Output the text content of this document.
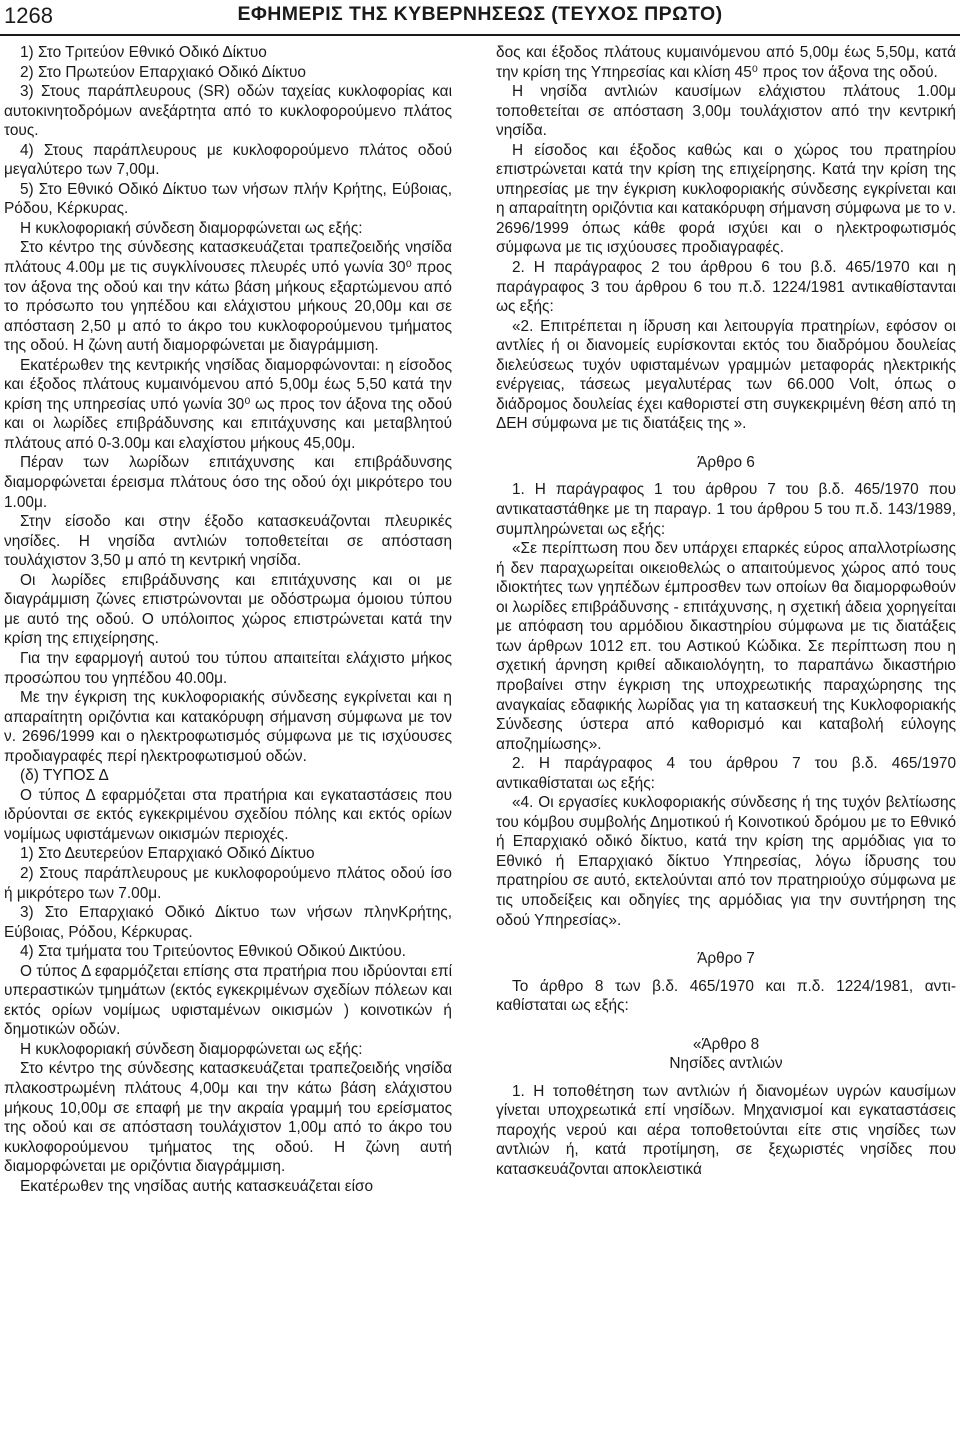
1268	ΕΦΗΜΕΡΙΣ ΤΗΣ ΚΥΒΕΡΝΗΣΕΩΣ (ΤΕΥΧΟΣ ΠΡΩΤΟ)

1) Στο Τριτεύον Εθνικό Οδικό Δίκτυο

2) Στο Πρωτεύον Επαρχιακό Οδικό Δίκτυο

3) Στους παράπλευρους (SR) οδών ταχείας κυκλοφορίας και αυτοκινητοδρόμων ανεξάρτητα από το κυκλοφορούμενο πλάτος τους.

4) Στους παράπλευρους με κυκλοφορούμενο πλάτος οδού μεγαλύτερο των 7,00μ.

5) Στο Εθνικό Οδικό Δίκτυο των νήσων πλήν Κρήτης, Εύβοιας, Ρόδου, Κέρκυρας.

Η κυκλοφοριακή σύνδεση διαμορφώνεται ως εξής:

Στο κέντρο της σύνδεσης κατασκευάζεται τραπεζοειδής νησίδα πλάτους 4.00μ με τις συγκλίνουσες πλευρές υπό γωνία 30⁰ προς τον άξονα της οδού και την κάτω βάση μήκους εξαρτώμενου από το πρόσωπο του γηπέδου και ελάχιστου μήκους 20,00μ και σε απόσταση 2,50 μ από το άκρο του κυκλοφορούμενου τμήματος της οδού. Η ζώνη αυτή διαμορφώνεται με διαγράμμιση.

Εκατέρωθεν της κεντρικής νησίδας διαμορφώνονται: η είσοδος και έξοδος πλάτους κυμαινόμενου από 5,00μ έως 5,50 κατά την κρίση της υπηρεσίας υπό γωνία 30⁰ ως προς τον άξονα της οδού και οι λωρίδες επιβράδυνσης και επιτάχυνσης και μεταβλητού πλάτους από 0-3.00μ και ελαχίστου μήκους 45,00μ.

Πέραν των λωρίδων επιτάχυνσης και επιβράδυνσης διαμορφώνεται έρεισμα πλάτους όσο της οδού όχι μικρότερο του 1.00μ.

Στην είσοδο και στην έξοδο κατασκευάζονται πλευρικές νησίδες. Η νησίδα αντλιών τοποθετείται σε απόσταση τουλάχιστον 3,50 μ από τη κεντρική νησίδα.

Οι λωρίδες επιβράδυνσης και επιτάχυνσης και οι με διαγράμμιση ζώνες επιστρώνονται με οδόστρωμα όμοιου τύπου με αυτό της οδού. Ο υπόλοιπος χώρος επιστρώνεται κατά την κρίση της επιχείρησης.

Για την εφαρμογή αυτού του τύπου απαιτείται ελάχιστο μήκος προσώπου του γηπέδου 40.00μ.

Με την έγκριση της κυκλοφοριακής σύνδεσης εγκρίνεται και η απαραίτητη οριζόντια και κατακόρυφη σήμανση σύμφωνα με τον ν. 2696/1999 και ο ηλεκτροφωτισμός σύμφωνα με τις ισχύουσες προδιαγραφές περί ηλεκτροφωτισμού οδών.

(δ) ΤΥΠΟΣ Δ

Ο τύπος Δ εφαρμόζεται στα πρατήρια και εγκαταστάσεις που ιδρύονται σε εκτός εγκεκριμένου σχεδίου πόλης και εκτός ορίων νομίμως υφιστάμενων οικισμών περιοχές.

1) Στο Δευτερεύον Επαρχιακό Οδικό Δίκτυο

2) Στους παράπλευρους με κυκλοφορούμενο πλάτος οδού ίσο ή μικρότερο των 7.00μ.

3) Στο Επαρχιακό Οδικό Δίκτυο των νήσων πληνΚρήτης, Εύβοιας, Ρόδου, Κέρκυρας.

4) Στα τμήματα του Τριτεύοντος Εθνικού Οδικού Δικτύου.

Ο τύπος Δ εφαρμόζεται επίσης στα πρατήρια που ιδρύονται επί υπεραστικών τμημάτων (εκτός εγκεκριμένων σχεδίων πόλεων και εκτός ορίων νομίμως υφισταμένων οικισμών ) κοινοτικών ή δημοτικών οδών.

Η κυκλοφοριακή σύνδεση διαμορφώνεται ως εξής:

Στο κέντρο της σύνδεσης κατασκευάζεται τραπεζοειδής νησίδα πλακοστρωμένη πλάτους 4,00μ και την κάτω βάση ελάχιστου μήκους 10,00μ σε επαφή με την ακραία γραμμή του ερείσματος της οδού και σε απόσταση τουλάχιστον 1,00μ από το άκρο του κυκλοφορούμενου τμήματος της οδού. Η ζώνη αυτή διαμορφώνεται με οριζόντια διαγράμμιση.

Εκατέρωθεν της νησίδας αυτής κατασκευάζεται είσο

δος και έξοδος πλάτους κυμαινόμενου από 5,00μ έως 5,50μ, κατά την κρίση της Υπηρεσίας και κλίση 45⁰ προς τον άξονα της οδού.

Η νησίδα αντλιών καυσίμων ελάχιστου πλάτους 1.00μ τοποθετείται σε απόσταση 3,00μ τουλάχιστον από την κεντρική νησίδα.

Η είσοδος και έξοδος καθώς και ο χώρος του πρατηρίου επιστρώνεται κατά την κρίση της επιχείρησης. Κατά την κρίση της υπηρεσίας με την έγκριση κυκλοφοριακής σύνδεσης εγκρίνεται και η απαραίτητη οριζόντια και κατακόρυφη σήμανση σύμφωνα με το ν. 2696/1999 όπως κάθε φορά ισχύει και ο ηλεκτροφωτισμός σύμφωνα με τις ισχύουσες προδιαγραφές.

2. Η παράγραφος 2 του άρθρου 6 του β.δ. 465/1970 και η παράγραφος 3 του άρθρου 6 του π.δ. 1224/1981 αντικαθίστανται ως εξής:

«2. Επιτρέπεται η ίδρυση και λειτουργία πρατηρίων, εφόσον οι αντλίες ή οι διανομείς ευρίσκονται εκτός του διαδρόμου δουλείας διελεύσεως τυχόν υφισταμένων γραμμών μεταφοράς ηλεκτρικής ενέργειας, τάσεως μεγαλυτέρας των 66.000 Volt, όπως ο διάδρομος δουλείας έχει καθοριστεί στη συγκεκριμένη θέση από τη ΔΕΗ σύμφωνα με τις διατάξεις της ».

Άρθρο 6

1. Η παράγραφος 1 του άρθρου 7 του β.δ. 465/1970 που αντικαταστάθηκε με τη παραγρ. 1 του άρθρου 5 του π.δ. 143/1989, συμπληρώνεται ως εξής:

«Σε περίπτωση που δεν υπάρχει επαρκές εύρος απαλλοτρίωσης ή δεν παραχωρείται οικειοθελώς ο απαιτούμενος χώρος από τους ιδιοκτήτες των γηπέδων έμπροσθεν των οποίων θα διαμορφωθούν οι λωρίδες επιβράδυνσης - επιτάχυνσης, η σχετική άδεια χορηγείται με απόφαση του αρμόδιου δικαστηρίου σύμφωνα με τις διατάξεις των άρθρων 1012 επ. του Αστικού Κώδικα. Σε περίπτωση που η σχετική άρνηση κριθεί αδικαιολόγητη, το παραπάνω δικαστήριο προβαίνει στην έγκριση της υποχρεωτικής παραχώρησης της αναγκαίας εδαφικής λωρίδας για τη κατασκευή της Κυκλοφοριακής Σύνδεσης ύστερα από καθορισμό και καταβολή εύλογης αποζημίωσης».

2. Η παράγραφος 4 του άρθρου 7 του β.δ. 465/1970 αντικαθίσταται ως εξής:

«4. Οι εργασίες κυκλοφοριακής σύνδεσης ή της τυχόν βελτίωσης του κόμβου συμβολής Δημοτικού ή Κοινοτικού δρόμου με το Εθνικό ή Επαρχιακό οδικό δίκτυο, κατά την κρίση της αρμόδιας για το Εθνικό ή Επαρχιακό δίκτυο Υπηρεσίας, λόγω ίδρυσης του πρατηρίου σε αυτό, εκτελούνται από τον πρατηριούχο σύμφωνα με τις υποδείξεις και οδηγίες της αρμόδιας για την συντήρηση της οδού Υπηρεσίας».

Άρθρο 7

Το άρθρο 8 των β.δ. 465/1970 και π.δ. 1224/1981, αντικαθίσταται ως εξής:

«Άρθρο 8

Νησίδες αντλιών

1. Η τοποθέτηση των αντλιών ή διανομέων υγρών καυσίμων γίνεται υποχρεωτικά επί νησίδων. Μηχανισμοί και εγκαταστάσεις παροχής νερού και αέρα τοποθετούνται είτε στις νησίδες των αντλιών ή, κατά προτίμηση, σε ξεχωριστές νησίδες που κατασκευάζονται αποκλειστικά
